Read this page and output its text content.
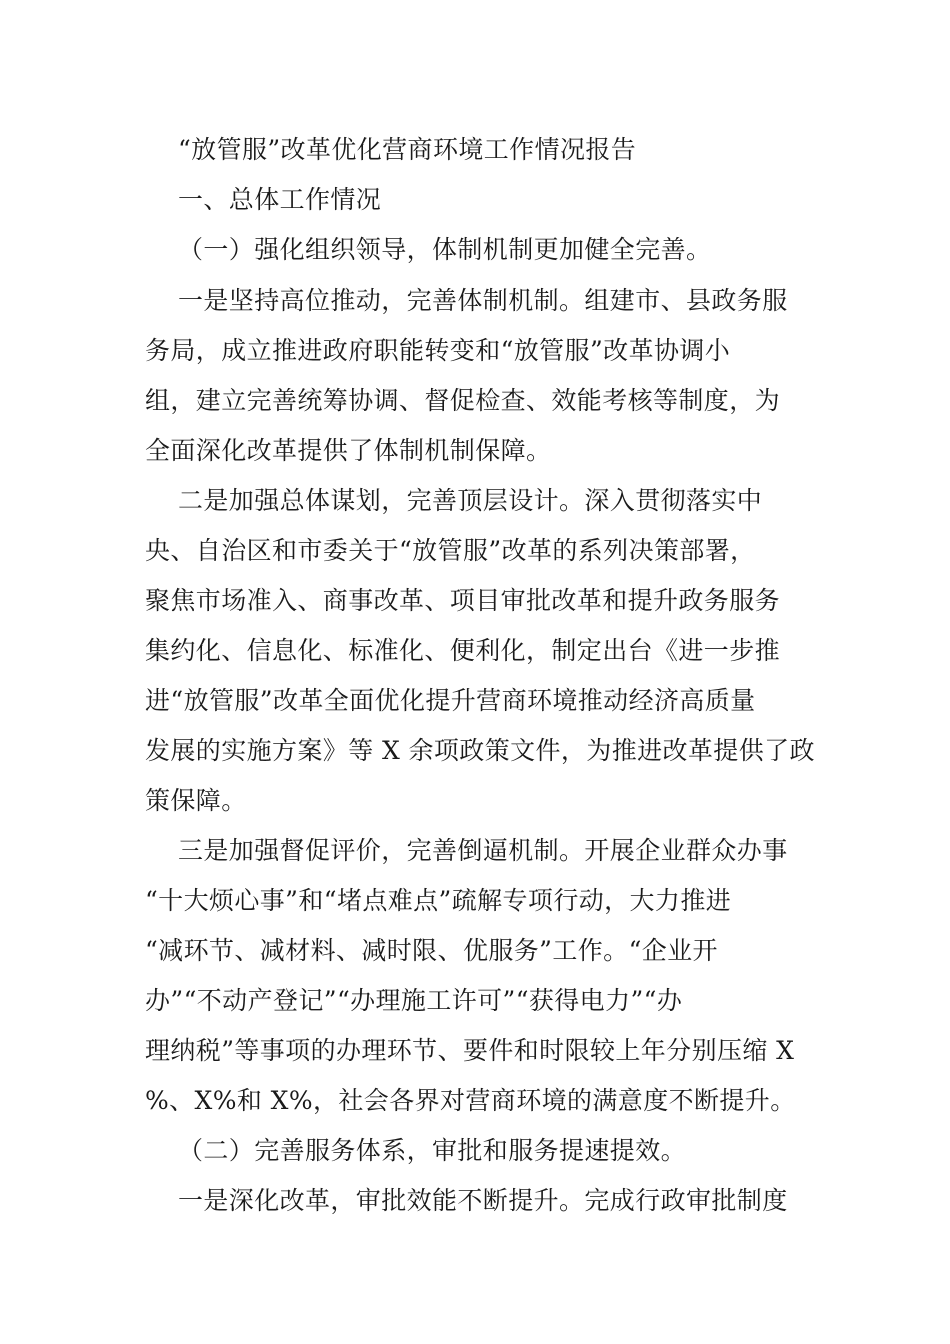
“放管服”改革优化营商环境工作情况报告
一、总体工作情况
（一）强化组织领导，体制机制更加健全完善。
一是坚持高位推动，完善体制机制。组建市、县政务服
务局，成立推进政府职能转变和“放管服”改革协调小
组，建立完善统筹协调、督促检查、效能考核等制度，为
全面深化改革提供了体制机制保障。
二是加强总体谋划，完善顶层设计。深入贯彻落实中
央、自治区和市委关于“放管服”改革的系列决策部署，
聚焦市场准入、商事改革、项目审批改革和提升政务服务
集约化、信息化、标准化、便利化，制定出台《进一步推
进“放管服”改革全面优化提升营商环境推动经济高质量
发展的实施方案》等 X 余项政策文件，为推进改革提供了政
策保障。
三是加强督促评价，完善倒逼机制。开展企业群众办事
“十大烦心事”和“堵点难点”疏解专项行动，大力推进
“减环节、减材料、减时限、优服务”工作。“企业开
办”“不动产登记”“办理施工许可”“获得电力”“办
理纳税”等事项的办理环节、要件和时限较上年分别压缩 X
%、X%和 X%，社会各界对营商环境的满意度不断提升。
（二）完善服务体系，审批和服务提速提效。
一是深化改革，审批效能不断提升。完成行政审批制度
